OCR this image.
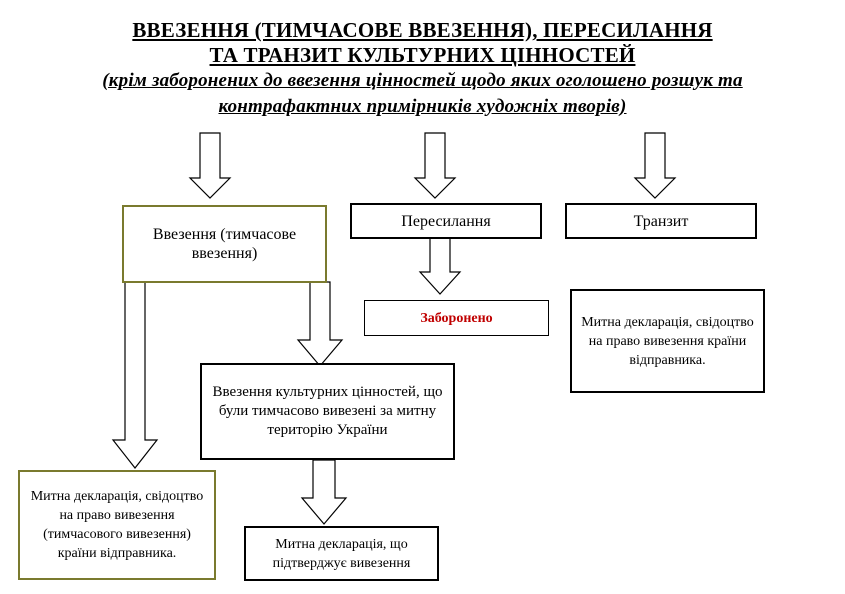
ВВЕЗЕННЯ (ТИМЧАСОВЕ ВВЕЗЕННЯ), ПЕРЕСИЛАННЯ
ТА ТРАНЗИТ КУЛЬТУРНИХ ЦІННОСТЕЙ
(крім заборонених до ввезення цінностей щодо яких оголошено розшук та
контрафактних примірників художніх творів)
Ввезення (тимчасове ввезення)
Пересилання	Транзит
Заборонено	Митна декларація, свідоцтво на право вивезення країни відправника.
Ввезення культурних цінностей, що були тимчасово вивезені за митну територію України
Митна декларація, свідоцтво на право вивезення (тимчасового вивезення) країни відправника.
Митна декларація, що підтверджує вивезення
